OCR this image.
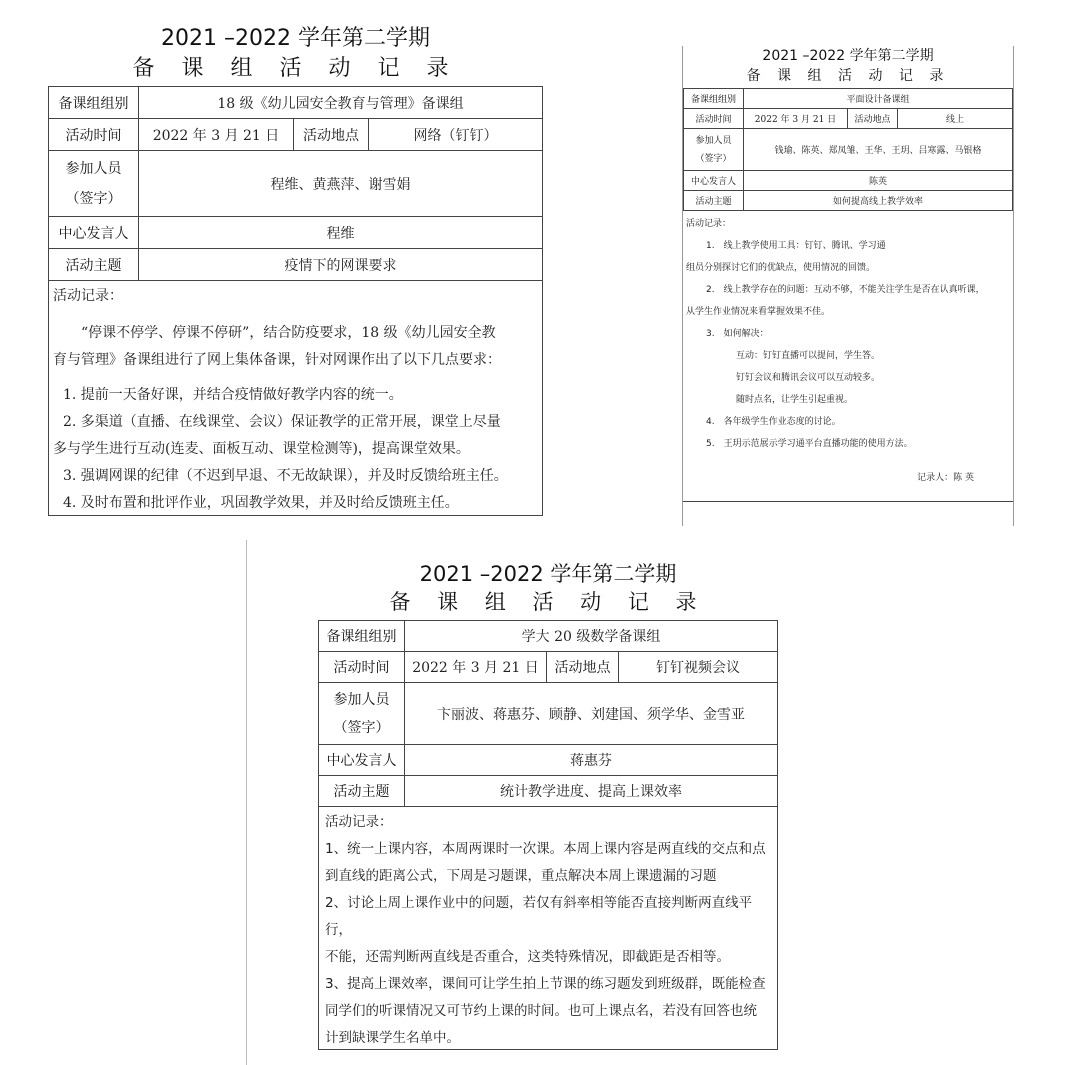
2021 –2022 学年第二学期
备 课 组 活 动 记 录
备课组组别	18 级《幼儿园安全教育与管理》备课组		
活动时间	2022 年 3 月 21 日	活动地点	网络（钉钉）

参加人员
（签字）	程维、黄燕萍、谢雪娟		
中心发言人	程维		
活动主题	疫情下的网课要求		

活动记录：

“停课不停学、停课不停研”，结合防疫要求，18 级《幼儿园安全教

育与管理》备课组进行了网上集体备课，针对网课作出了以下几点要求：

1. 提前一天备好课，并结合疫情做好教学内容的统一。

2. 多渠道（直播、在线课堂、会议）保证教学的正常开展，课堂上尽量

多与学生进行互动(连麦、面板互动、课堂检测等)，提高课堂效果。

3. 强调网课的纪律（不迟到早退、不无故缺课），并及时反馈给班主任。

4. 及时布置和批评作业，巩固教学效果，并及时给反馈班主任。

2021 –2022 学年第二学期
备 课 组 活 动 记 录
备课组组别	平面设计备课组		
活动时间	2022 年 3 月 21 日	活动地点	线上

参加人员
（签字）	钱瑜、陈英、郑凤雏、王华、王玥、吕寒露、马银格		
中心发言人	陈英		
活动主题	如何提高线上教学效率		

活动记录：

1.　线上教学使用工具：钉钉、腾讯、学习通

组员分别探讨它们的优缺点，使用情况的回馈。

2.　线上教学存在的问题：互动不够，不能关注学生是否在认真听课，

从学生作业情况来看掌握效果不佳。

3.　如何解决：

互动：钉钉直播可以提问，学生答。

钉钉会议和腾讯会议可以互动较多。

随时点名，让学生引起重视。

4.　各年级学生作业态度的讨论。

5.　王玥示范展示学习通平台直播功能的使用方法。

记录人：陈 英

2021 –2022 学年第二学期
备 课 组 活 动 记 录
备课组组别	学大 20 级数学备课组		
活动时间	2022 年 3 月 21 日	活动地点	钉钉视频会议

参加人员
（签字）	卞丽波、蒋惠芬、顾静、刘建国、须学华、金雪亚		
中心发言人	蒋惠芬		
活动主题	统计教学进度、提高上课效率		

活动记录：

1、统一上课内容，本周两课时一次课。本周上课内容是两直线的交点和点

到直线的距离公式，下周是习题课，重点解决本周上课遗漏的习题

2、讨论上周上课作业中的问题，若仅有斜率相等能否直接判断两直线平行，

不能，还需判断两直线是否重合，这类特殊情况，即截距是否相等。

3、提高上课效率，课间可让学生拍上节课的练习题发到班级群，既能检查

同学们的听课情况又可节约上课的时间。也可上课点名，若没有回答也统

计到缺课学生名单中。
